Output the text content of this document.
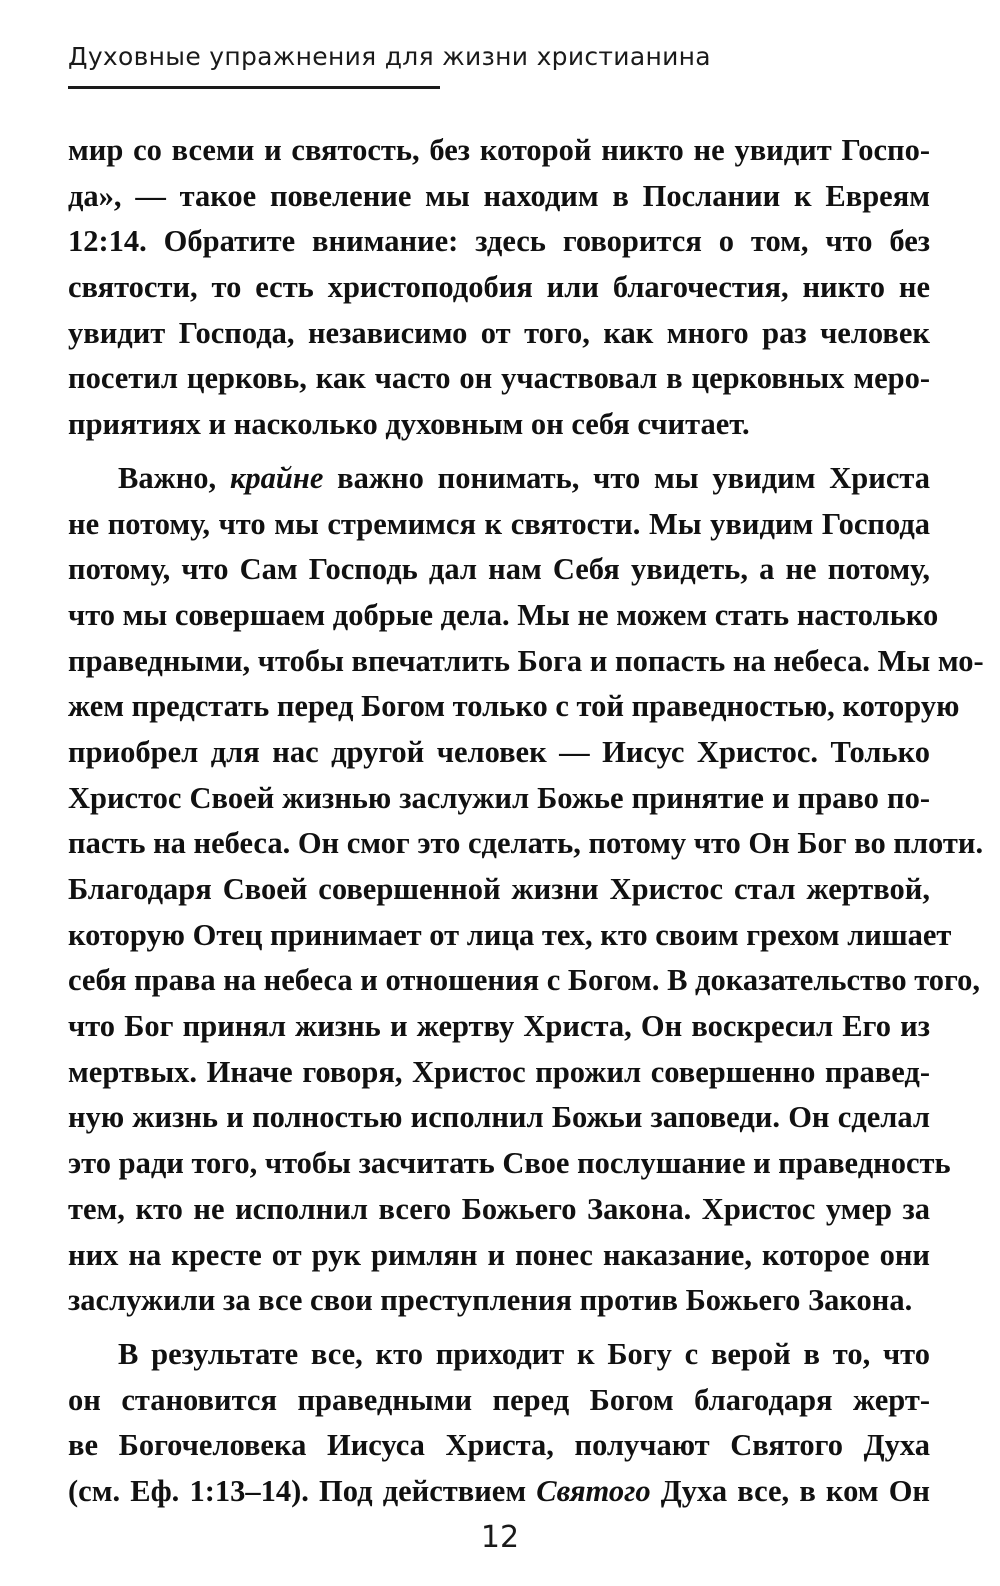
Духовные упражнения для жизни христианина
мир со всеми и святость, без которой никто не увидит Госпо-
да», — такое повеление мы находим в Послании к Евреям
12:14. Обратите внимание: здесь говорится о том, что без
святости, то есть христоподобия или благочестия, никто не
увидит Господа, независимо от того, как много раз человек
посетил церковь, как часто он участвовал в церковных меро-
приятиях и насколько духовным он себя считает.
Важно, крайне важно понимать, что мы увидим Христа
не потому, что мы стремимся к святости. Мы увидим Господа
потому, что Сам Господь дал нам Себя увидеть, а не потому,
что мы совершаем добрые дела. Мы не можем стать настолько
праведными, чтобы впечатлить Бога и попасть на небеса. Мы мо-
жем предстать перед Богом только с той праведностью, которую
приобрел для нас другой человек — Иисус Христос. Только
Христос Своей жизнью заслужил Божье принятие и право по-
пасть на небеса. Он смог это сделать, потому что Он Бог во плоти.
Благодаря Своей совершенной жизни Христос стал жертвой,
которую Отец принимает от лица тех, кто своим грехом лишает
себя права на небеса и отношения с Богом. В доказательство того,
что Бог принял жизнь и жертву Христа, Он воскресил Его из
мертвых. Иначе говоря, Христос прожил совершенно правед-
ную жизнь и полностью исполнил Божьи заповеди. Он сделал
это ради того, чтобы засчитать Свое послушание и праведность
тем, кто не исполнил всего Божьего Закона. Христос умер за
них на кресте от рук римлян и понес наказание, которое они
заслужили за все свои преступления против Божьего Закона.
В результате все, кто приходит к Богу с верой в то, что
он становится праведными перед Богом благодаря жерт-
ве Богочеловека Иисуса Христа, получают Святого Духа
(см. Еф. 1:13–14). Под действием Святого Духа все, в ком Он
12
